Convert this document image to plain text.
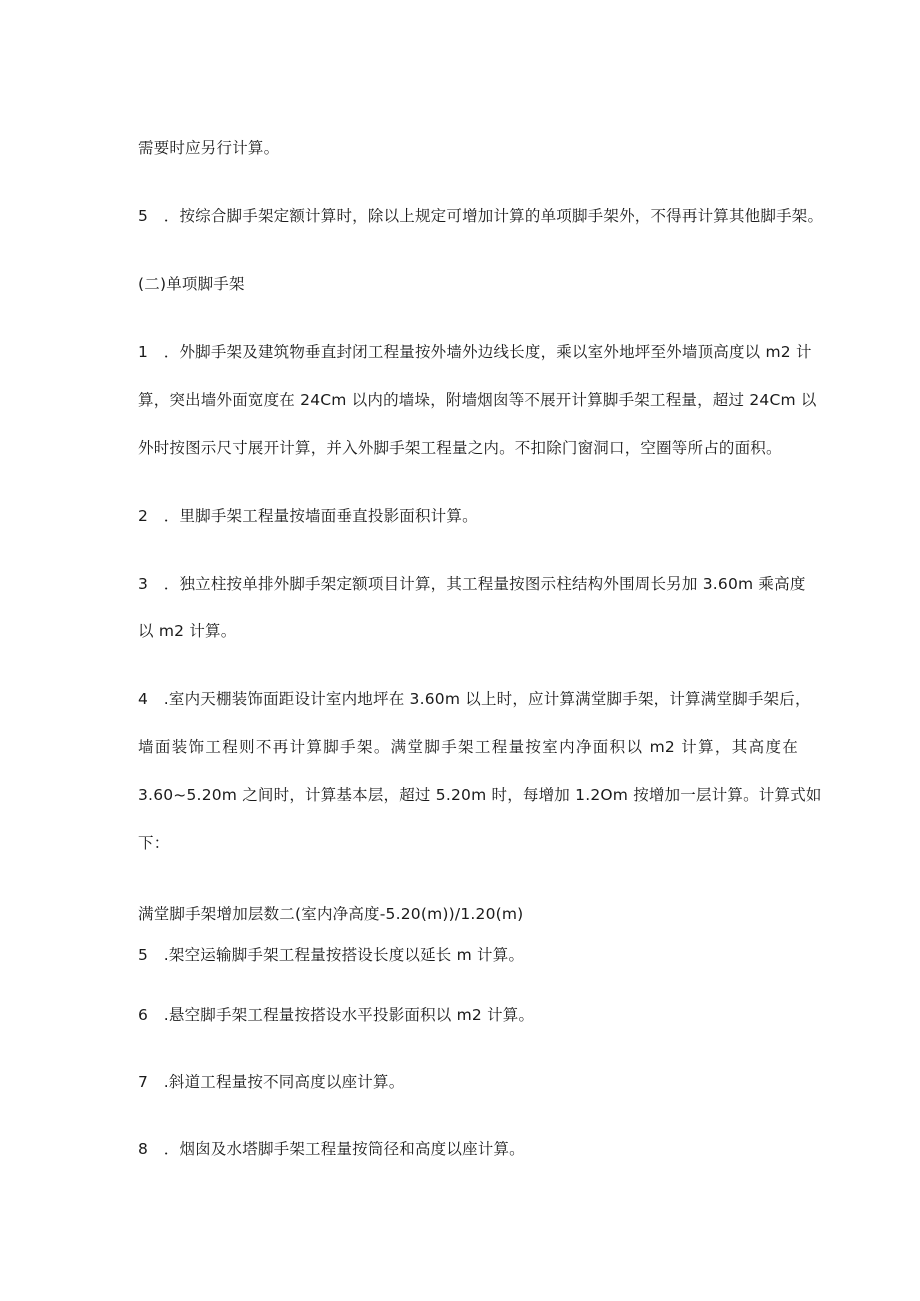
需要时应另行计算。
5　．按综合脚手架定额计算时，除以上规定可增加计算的单项脚手架外，不得再计算其他脚手架。
(二)单项脚手架
1　．外脚手架及建筑物垂直封闭工程量按外墙外边线长度，乘以室外地坪至外墙顶高度以 m2 计
算，突出墙外面宽度在 24Cm 以内的墙垛，附墙烟囱等不展开计算脚手架工程量，超过 24Cm 以
外时按图示尺寸展开计算，并入外脚手架工程量之内。不扣除门窗洞口，空圈等所占的面积。
2　．里脚手架工程量按墙面垂直投影面积计算。
3　．独立柱按单排外脚手架定额项目计算，其工程量按图示柱结构外围周长另加 3.60m 乘高度
以 m2 计算。
4　.室内天棚装饰面距设计室内地坪在 3.60m 以上时，应计算满堂脚手架，计算满堂脚手架后，
墙面装饰工程则不再计算脚手架。满堂脚手架工程量按室内净面积以 m2 计算，其高度在
3.60~5.20m 之间时，计算基本层，超过 5.20m 时，每增加 1.2Om 按增加一层计算。计算式如
下：
满堂脚手架增加层数二(室内净高度-5.20(m))/1.20(m)
5　.架空运输脚手架工程量按搭设长度以延长 m 计算。
6　.悬空脚手架工程量按搭设水平投影面积以 m2 计算。
7　.斜道工程量按不同高度以座计算。
8　．烟囱及水塔脚手架工程量按筒径和高度以座计算。
